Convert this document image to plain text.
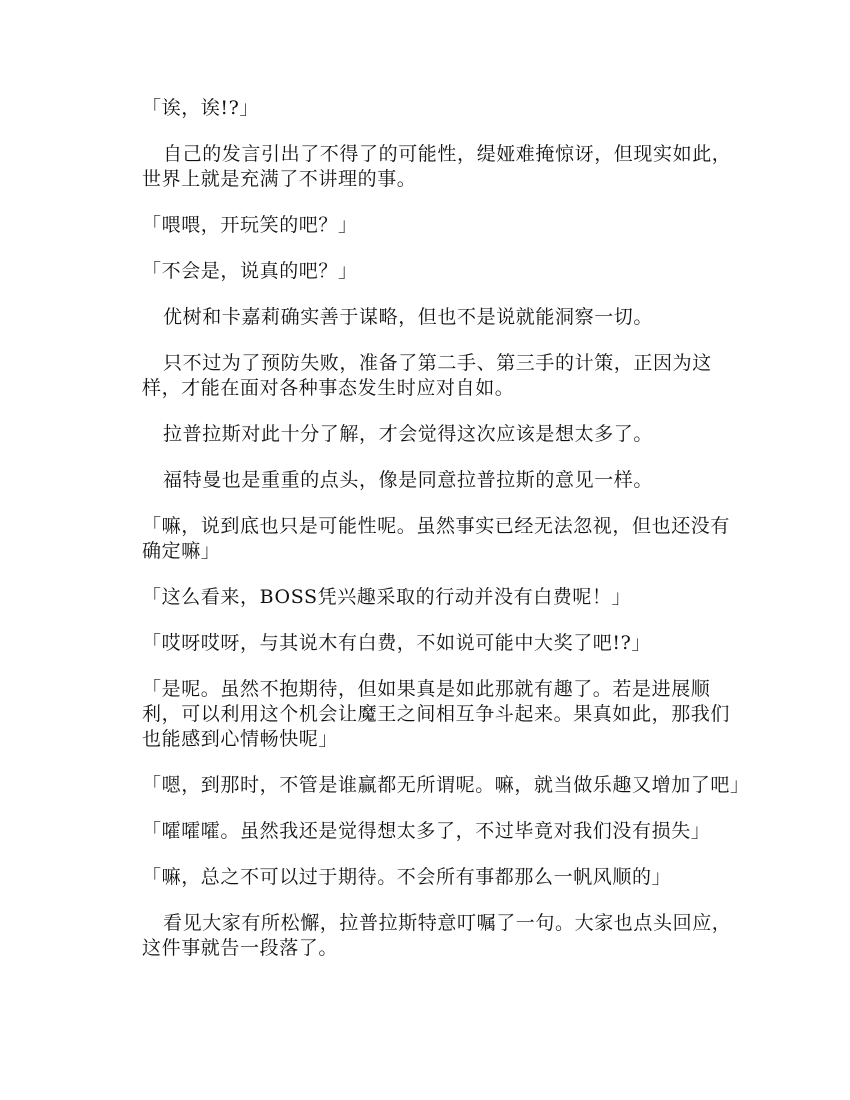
「诶，诶!?」

自己的发言引出了不得了的可能性，缇娅难掩惊讶，但现实如此，世界上就是充满了不讲理的事。

「喂喂，开玩笑的吧？」

「不会是，说真的吧？」

优树和卡嘉莉确实善于谋略，但也不是说就能洞察一切。

只不过为了预防失败，准备了第二手、第三手的计策，正因为这样，才能在面对各种事态发生时应对自如。

拉普拉斯对此十分了解，才会觉得这次应该是想太多了。

福特曼也是重重的点头，像是同意拉普拉斯的意见一样。

「嘛，说到底也只是可能性呢。虽然事实已经无法忽视，但也还没有确定嘛」

「这么看来，BOSS凭兴趣采取的行动并没有白费呢！」

「哎呀哎呀，与其说木有白费，不如说可能中大奖了吧!?」

「是呢。虽然不抱期待，但如果真是如此那就有趣了。若是进展顺利，可以利用这个机会让魔王之间相互争斗起来。果真如此，那我们也能感到心情畅快呢」

「嗯，到那时，不管是谁赢都无所谓呢。嘛，就当做乐趣又增加了吧」

「嚯嚯嚯。虽然我还是觉得想太多了，不过毕竟对我们没有损失」

「嘛，总之不可以过于期待。不会所有事都那么一帆风顺的」

看见大家有所松懈，拉普拉斯特意叮嘱了一句。大家也点头回应，这件事就告一段落了。
